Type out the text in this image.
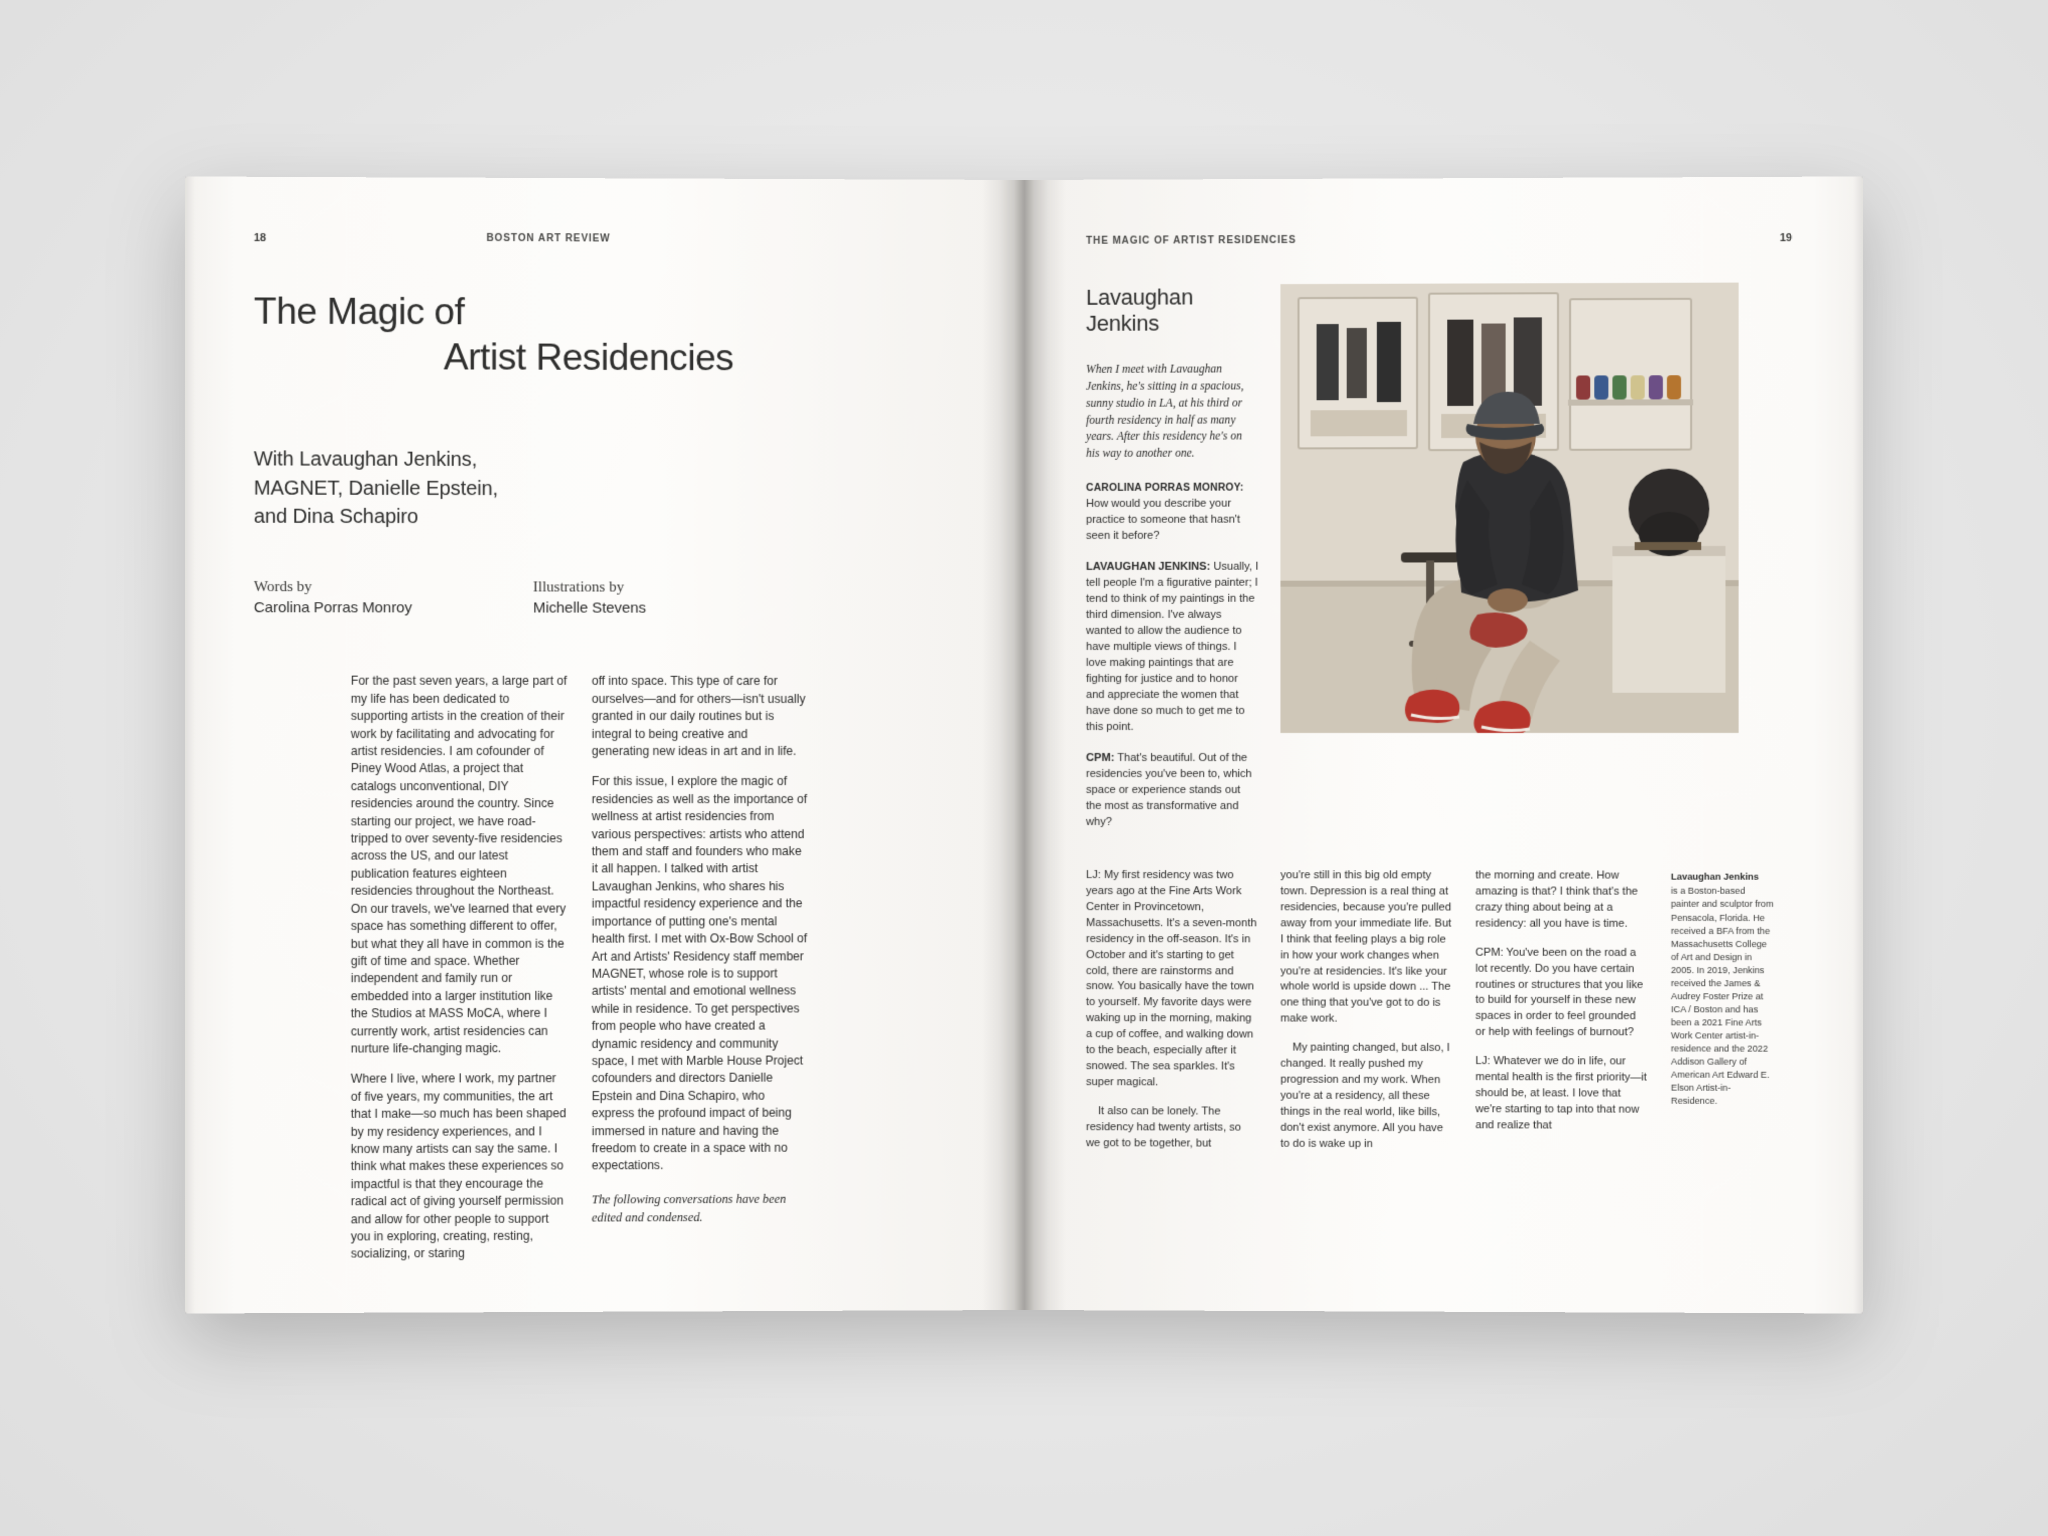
18	BOSTON ART REVIEW
The Magic of
Artist Residencies
With Lavaughan Jenkins,
MAGNET, Danielle Epstein,
and Dina Schapiro
Words by
Carolina Porras Monroy
Illustrations by
Michelle Stevens

For the past seven years, a large part of my life has been dedicated to supporting artists in the creation of their work by facilitating and advocating for artist residencies. I am cofounder of Piney Wood Atlas, a project that catalogs unconventional, DIY residencies around the country. Since starting our project, we have road-tripped to over seventy-five residencies across the US, and our latest publication features eighteen residencies throughout the Northeast. On our travels, we've learned that every space has something different to offer, but what they all have in common is the gift of time and space. Whether independent and family run or embedded into a larger institution like the Studios at MASS MoCA, where I currently work, artist residencies can nurture life-changing magic.

Where I live, where I work, my partner of five years, my communities, the art that I make—so much has been shaped by my residency experiences, and I know many artists can say the same. I think what makes these experiences so impactful is that they encourage the radical act of giving yourself permission and allow for other people to support you in exploring, creating, resting, socializing, or staring

off into space. This type of care for ourselves—and for others—isn't usually granted in our daily routines but is integral to being creative and generating new ideas in art and in life.

For this issue, I explore the magic of residencies as well as the importance of wellness at artist residencies from various perspectives: artists who attend them and staff and founders who make it all happen. I talked with artist Lavaughan Jenkins, who shares his impactful residency experience and the importance of putting one's mental health first. I met with Ox-Bow School of Art and Artists' Residency staff member MAGNET, whose role is to support artists' mental and emotional wellness while in residence. To get perspectives from people who have created a dynamic residency and community space, I met with Marble House Project cofounders and directors Danielle Epstein and Dina Schapiro, who express the profound impact of being immersed in nature and having the freedom to create in a space with no expectations.

The following conversations have been edited and condensed.

THE MAGIC OF ARTIST RESIDENCIES	19
Lavaughan
Jenkins

When I meet with Lavaughan Jenkins, he's sitting in a spacious, sunny studio in LA, at his third or fourth residency in half as many years. After this residency he's on his way to another one.

CAROLINA PORRAS MONROY: How would you describe your practice to someone that hasn't seen it before?

LAVAUGHAN JENKINS: Usually, I tell people I'm a figurative painter; I tend to think of my paintings in the third dimension. I've always wanted to allow the audience to have multiple views of things. I love making paintings that are fighting for justice and to honor and appreciate the women that have done so much to get me to this point.

CPM: That's beautiful. Out of the residencies you've been to, which space or experience stands out the most as transformative and why?

LJ: My first residency was two years ago at the Fine Arts Work Center in Provincetown, Massachusetts. It's a seven-month residency in the off-season. It's in October and it's starting to get cold, there are rainstorms and snow. You basically have the town to yourself. My favorite days were waking up in the morning, making a cup of coffee, and walking down to the beach, especially after it snowed. The sea sparkles. It's super magical.

It also can be lonely. The residency had twenty artists, so we got to be together, but

you're still in this big old empty town. Depression is a real thing at residencies, because you're pulled away from your immediate life. But I think that feeling plays a big role in how your work changes when you're at residencies. It's like your whole world is upside down ... The one thing that you've got to do is make work.

My painting changed, but also, I changed. It really pushed my progression and my work. When you're at a residency, all these things in the real world, like bills, don't exist anymore. All you have to do is wake up in

the morning and create. How amazing is that? I think that's the crazy thing about being at a residency: all you have is time.

CPM: You've been on the road a lot recently. Do you have certain routines or structures that you like to build for yourself in these new spaces in order to feel grounded or help with feelings of burnout?

LJ: Whatever we do in life, our mental health is the first priority—it should be, at least. I love that we're starting to tap into that now and realize that

Lavaughan Jenkins

is a Boston-based painter and sculptor from Pensacola, Florida. He received a BFA from the Massachusetts College of Art and Design in 2005. In 2019, Jenkins received the James & Audrey Foster Prize at ICA / Boston and has been a 2021 Fine Arts Work Center artist-in-residence and the 2022 Addison Gallery of American Art Edward E. Elson Artist-in-Residence.
